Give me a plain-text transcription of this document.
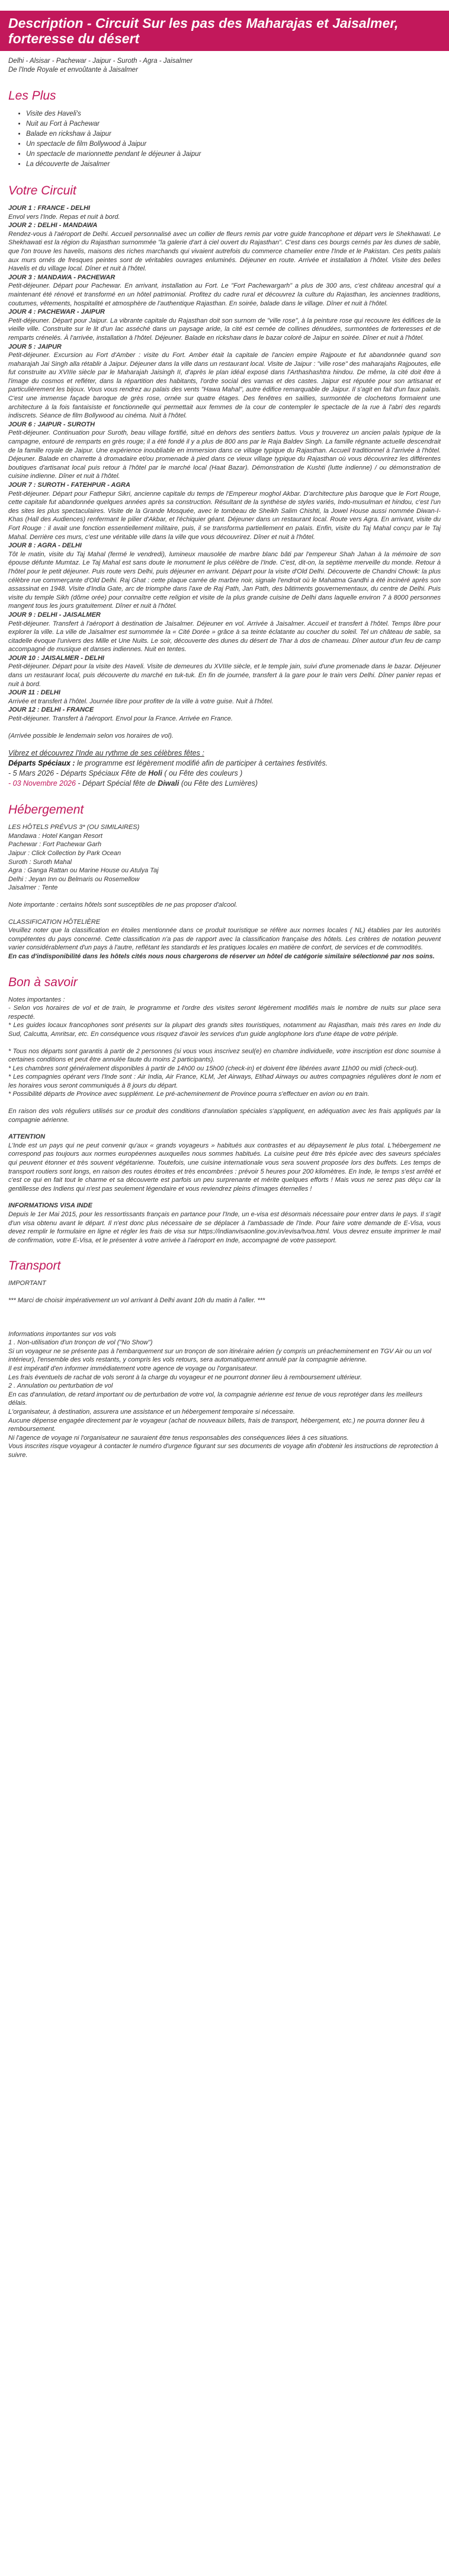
Description - Circuit Sur les pas des Maharajas et Jaisalmer, forteresse du désert

Delhi - Alsisar - Pachewar - Jaipur - Suroth - Agra - Jaisalmer

De l'Inde Royale et envoûtante à Jaisalmer

Les Plus
• Visite des Haveli's
• Nuit au Fort à Pachewar
• Balade en rickshaw à Jaipur
• Un spectacle de film Bollywood à Jaipur
• Un spectacle de marionnette pendant le déjeuner à Jaipur
• La découverte de Jaisalmer
Votre Circuit

JOUR 1 : FRANCE - DELHI

Envol vers l'Inde. Repas et nuit à bord.

JOUR 2 : DELHI - MANDAWA

Rendez-vous à l'aéroport de Delhi. Accueil personnalisé avec un collier de fleurs remis par votre guide francophone et départ vers le Shekhawati. Le Shekhawati est la région du Rajasthan surnommée "la galerie d'art à ciel ouvert du Rajasthan". C'est dans ces bourgs cernés par les dunes de sable, que l'on trouve les havelis, maisons des riches marchands qui vivaient autrefois du commerce chamelier entre l'Inde et le Pakistan. Ces petits palais aux murs ornés de fresques peintes sont de véritables ouvrages enluminés. Déjeuner en route. Arrivée et installation à l'hôtel. Visite des belles Havelis et du village local. Dîner et nuit à l'hôtel.

JOUR 3 : MANDAWA - PACHEWAR

Petit-déjeuner. Départ pour Pachewar. En arrivant, installation au Fort. Le "Fort Pachewargarh" a plus de 300 ans, c'est château ancestral qui a maintenant été rénové et transformé en un hôtel patrimonial. Profitez du cadre rural et découvrez la culture du Rajasthan, les anciennes traditions, coutumes, vêtements, hospitalité et atmosphère de l'authentique Rajasthan. En soirée, balade dans le village. Dîner et nuit à l'hôtel.

JOUR 4 : PACHEWAR - JAIPUR

Petit-déjeuner. Départ pour Jaipur. La vibrante capitale du Rajasthan doit son surnom de "ville rose", à la peinture rose qui recouvre les édifices de la vieille ville. Construite sur le lit d'un lac asséché dans un paysage aride, la cité est cernée de collines dénudées, surmontées de forteresses et de remparts crénelés. À l'arrivée, installation à l'hôtel. Déjeuner. Balade en rickshaw dans le bazar coloré de Jaipur en soirée. Dîner et nuit à l'hôtel.

JOUR 5 : JAIPUR

Petit-déjeuner. Excursion au Fort d'Amber : visite du Fort. Amber était la capitale de l'ancien empire Rajpoute et fut abandonnée quand son maharajah Jai Singh alla rétablir à Jaipur. Déjeuner dans la ville dans un restaurant local. Visite de Jaipur : "ville rose" des maharajahs Rajpoutes, elle fut construite au XVIIIe siècle par le Maharajah Jaisingh II, d'après le plan idéal exposé dans l'Arthashashtra hindou. De même, la cité doit être à l'image du cosmos et refléter, dans la répartition des habitants, l'ordre social des varnas et des castes. Jaipur est réputée pour son artisanat et particulièrement les bijoux. Vous vous rendrez au palais des vents "Hawa Mahal", autre édifice remarquable de Jaipur. Il s'agit en fait d'un faux palais. C'est une immense façade baroque de grès rose, ornée sur quatre étages. Des fenêtres en saillies, surmontée de clochetons formaient une architecture à la fois fantaisiste et fonctionnelle qui permettait aux femmes de la cour de contempler le spectacle de la rue à l'abri des regards indiscrets. Séance de film Bollywood au cinéma. Nuit à l'hôtel.

JOUR 6 : JAIPUR - SUROTH

Petit-déjeuner. Continuation pour Suroth, beau village fortifié, situé en dehors des sentiers battus. Vous y trouverez un ancien palais typique de la campagne, entouré de remparts en grès rouge; il a été fondé il y a plus de 800 ans par le Raja Baldev Singh. La famille régnante actuelle descendrait de la famille royale de Jaipur. Une expérience inoubliable en immersion dans ce village typique du Rajasthan. Accueil traditionnel à l'arrivée à l'hôtel. Déjeuner. Balade en charrette à dromadaire et/ou promenade à pied dans ce vieux village typique du Rajasthan où vous découvrirez les différentes boutiques d'artisanat local puis retour à l'hôtel par le marché local (Haat Bazar). Démonstration de Kushti (lutte indienne) / ou démonstration de cuisine indienne. Dîner et nuit à l'hôtel.

JOUR 7 : SUROTH - FATEHPUR - AGRA

Petit-déjeuner. Départ pour Fathepur Sikri, ancienne capitale du temps de l'Empereur moghol Akbar. D'architecture plus baroque que le Fort Rouge, cette capitale fut abandonnée quelques années après sa construction. Résultant de la synthèse de styles variés, Indo-musulman et hindou, c'est l'un des sites les plus spectaculaires. Visite de la Grande Mosquée, avec le tombeau de Sheikh Salim Chishti, la Jowel House aussi nommée Diwan-I-Khas (Hall des Audiences) renfermant le pilier d'Akbar, et l'échiquier géant. Déjeuner dans un restaurant local. Route vers Agra. En arrivant, visite du Fort Rouge : il avait une fonction essentiellement militaire, puis, il se transforma partiellement en palais. Enfin, visite du Taj Mahal conçu par le Taj Mahal. Derrière ces murs, c'est une véritable ville dans la ville que vous découvrirez. Dîner et nuit à l'hôtel.

JOUR 8 : AGRA - DELHI

Tôt le matin, visite du Taj Mahal (fermé le vendredi), lumineux mausolée de marbre blanc bâti par l'empereur Shah Jahan à la mémoire de son épouse défunte Mumtaz. Le Taj Mahal est sans doute le monument le plus célèbre de l'Inde. C'est, dit-on, la septième merveille du monde. Retour à l'hôtel pour le petit déjeuner. Puis route vers Delhi, puis déjeuner en arrivant. Départ pour la visite d'Old Delhi. Découverte de Chandni Chowk: la plus célèbre rue commerçante d'Old Delhi. Raj Ghat : cette plaque carrée de marbre noir, signale l'endroit où le Mahatma Gandhi a été incinéré après son assassinat en 1948. Visite d'India Gate, arc de triomphe dans l'axe de Raj Path, Jan Path, des bâtiments gouvernementaux, du centre de Delhi. Puis visite du temple Sikh (dôme orée) pour connaître cette religion et visite de la plus grande cuisine de Delhi dans laquelle environ 7 à 8000 personnes mangent tous les jours gratuitement. Dîner et nuit à l'hôtel.

JOUR 9 : DELHI - JAISALMER

Petit-déjeuner. Transfert à l'aéroport à destination de Jaisalmer. Déjeuner en vol. Arrivée à Jaisalmer. Accueil et transfert à l'hôtel. Temps libre pour explorer la ville. La ville de Jaisalmer est surnommée la « Cité Dorée » grâce à sa teinte éclatante au coucher du soleil. Tel un château de sable, sa citadelle évoque l'univers des Mille et Une Nuits. Le soir, découverte des dunes du désert de Thar à dos de chameau. Dîner autour d'un feu de camp accompagné de musique et danses indiennes. Nuit en tentes.

JOUR 10 : JAISALMER - DELHI

Petit-déjeuner. Départ pour la visite des Haveli. Visite de demeures du XVIIIe siècle, et le temple jain, suivi d'une promenade dans le bazar. Déjeuner dans un restaurant local, puis découverte du marché en tuk-tuk. En fin de journée, transfert à la gare pour le train vers Delhi. Dîner panier repas et nuit à bord.

JOUR 11 : DELHI

Arrivée et transfert à l'hôtel. Journée libre pour profiter de la ville à votre guise. Nuit à l'hôtel.

JOUR 12 : DELHI - FRANCE

Petit-déjeuner. Transfert à l'aéroport. Envol pour la France. Arrivée en France.

(Arrivée possible le lendemain selon vos horaires de vol).

Vibrez et découvrez l'Inde au rythme de ses célèbres fêtes :

Départs Spéciaux : le programme est légèrement modifié afin de participer à certaines festivités.

- 5 Mars 2026 - Départs Spéciaux Fête de Holi ( ou Fête des couleurs )

- 03 Novembre 2026 - Départ Spécial fête de Diwali (ou Fête des Lumières)

Hébergement

LES HÔTELS PRÉVUS 3* (OU SIMILAIRES)

Mandawa : Hotel Kangan Resort

Pachewar : Fort Pachewar Garh

Jaipur : Click Collection by Park Ocean

Suroth : Suroth Mahal

Agra : Ganga Rattan ou Marine House ou Atulya Taj

Delhi : Jeyan Inn ou Belmaris ou Rosemellow

Jaisalmer : Tente

Note importante : certains hôtels sont susceptibles de ne pas proposer d'alcool.

CLASSIFICATION HÔTELIÈRE

Veuillez noter que la classification en étoiles mentionnée dans ce produit touristique se réfère aux normes locales ( NL) établies par les autorités compétentes du pays concerné. Cette classification n'a pas de rapport avec la classification française des hôtels. Les critères de notation peuvent varier considérablement d'un pays à l'autre, reflétant les standards et les pratiques locales en matière de confort, de services et de commodités.

En cas d'indisponibilité dans les hôtels cités nous nous chargerons de réserver un hôtel de catégorie similaire sélectionné par nos soins.

Bon à savoir

Notes importantes :

- Selon vos horaires de vol et de train, le programme et l'ordre des visites seront légèrement modifiés mais le nombre de nuits sur place sera respecté.

* Les guides locaux francophones sont présents sur la plupart des grands sites touristiques, notamment au Rajasthan, mais très rares en Inde du Sud, Calcutta, Amritsar, etc. En conséquence vous risquez d'avoir les services d'un guide anglophone lors d'une étape de votre périple.

* Tous nos départs sont garantis à partir de 2 personnes (si vous vous inscrivez seul(e) en chambre individuelle, votre inscription est donc soumise à certaines conditions et peut être annulée faute du moins 2 participants).

* Les chambres sont généralement disponibles à partir de 14h00 ou 15h00 (check-in) et doivent être libérées avant 11h00 ou midi (check-out).

* Les compagnies opérant vers l'Inde sont : Air India, Air France, KLM, Jet Airways, Etihad Airways ou autres compagnies régulières dont le nom et les horaires vous seront communiqués à 8 jours du départ.

* Possibilité départs de Province avec supplément. Le pré-acheminement de Province pourra s'effectuer en avion ou en train.

En raison des vols réguliers utilisés sur ce produit des conditions d'annulation spéciales s'appliquent, en adéquation avec les frais appliqués par la compagnie aérienne.

ATTENTION

L'Inde est un pays qui ne peut convenir qu'aux « grands voyageurs » habitués aux contrastes et au dépaysement le plus total. L'hébergement ne correspond pas toujours aux normes européennes auxquelles nous sommes habitués. La cuisine peut être très épicée avec des saveurs spéciales qui peuvent étonner et très souvent végétarienne. Toutefois, une cuisine internationale vous sera souvent proposée lors des buffets. Les temps de transport routiers sont longs, en raison des routes étroites et très encombrées : prévoir 5 heures pour 200 kilomètres. En Inde, le temps s'est arrêté et c'est ce qui en fait tout le charme et sa découverte est parfois un peu surprenante et mérite quelques efforts ! Mais vous ne serez pas déçu car la gentillesse des Indiens qui n'est pas seulement légendaire et vous reviendrez pleins d'images éternelles !

INFORMATIONS VISA INDE

Depuis le 1er Mai 2015, pour les ressortissants français en partance pour l'Inde, un e-visa est désormais nécessaire pour entrer dans le pays. Il s'agit d'un visa obtenu avant le départ. Il n'est donc plus nécessaire de se déplacer à l'ambassade de l'Inde. Pour faire votre demande de E-Visa, vous devez remplir le formulaire en ligne et régler les frais de visa sur https://indianvisaonline.gov.in/evisa/tvoa.html. Vous devrez ensuite imprimer le mail de confirmation, votre E-Visa, et le présenter à votre arrivée à l'aéroport en Inde, accompagné de votre passeport.

Transport

IMPORTANT

*** Marci de choisir impérativement un vol arrivant à Delhi avant 10h du matin à l'aller. ***

Informations importantes sur vos vols

1 . Non-utilisation d'un tronçon de vol ("No Show")

Si un voyageur ne se présente pas à l'embarquement sur un tronçon de son itinéraire aérien (y compris un préacheminement en TGV Air ou un vol intérieur), l'ensemble des vols restants, y compris les vols retours, sera automatiquement annulé par la compagnie aérienne.

Il est impératif d'en informer immédiatement votre agence de voyage ou l'organisateur.

Les frais éventuels de rachat de vols seront à la charge du voyageur et ne pourront donner lieu à remboursement ultérieur.

2 . Annulation ou perturbation de vol

En cas d'annulation, de retard important ou de perturbation de votre vol, la compagnie aérienne est tenue de vous reprotéger dans les meilleurs délais.

L'organisateur, à destination, assurera une assistance et un hébergement temporaire si nécessaire.

Aucune dépense engagée directement par le voyageur (achat de nouveaux billets, frais de transport, hébergement, etc.) ne pourra donner lieu à remboursement.

Ni l'agence de voyage ni l'organisateur ne sauraient être tenus responsables des conséquences liées à ces situations.

Vous inscrites risque voyageur à contacter le numéro d'urgence figurant sur ses documents de voyage afin d'obtenir les instructions de reprotection à suivre.
